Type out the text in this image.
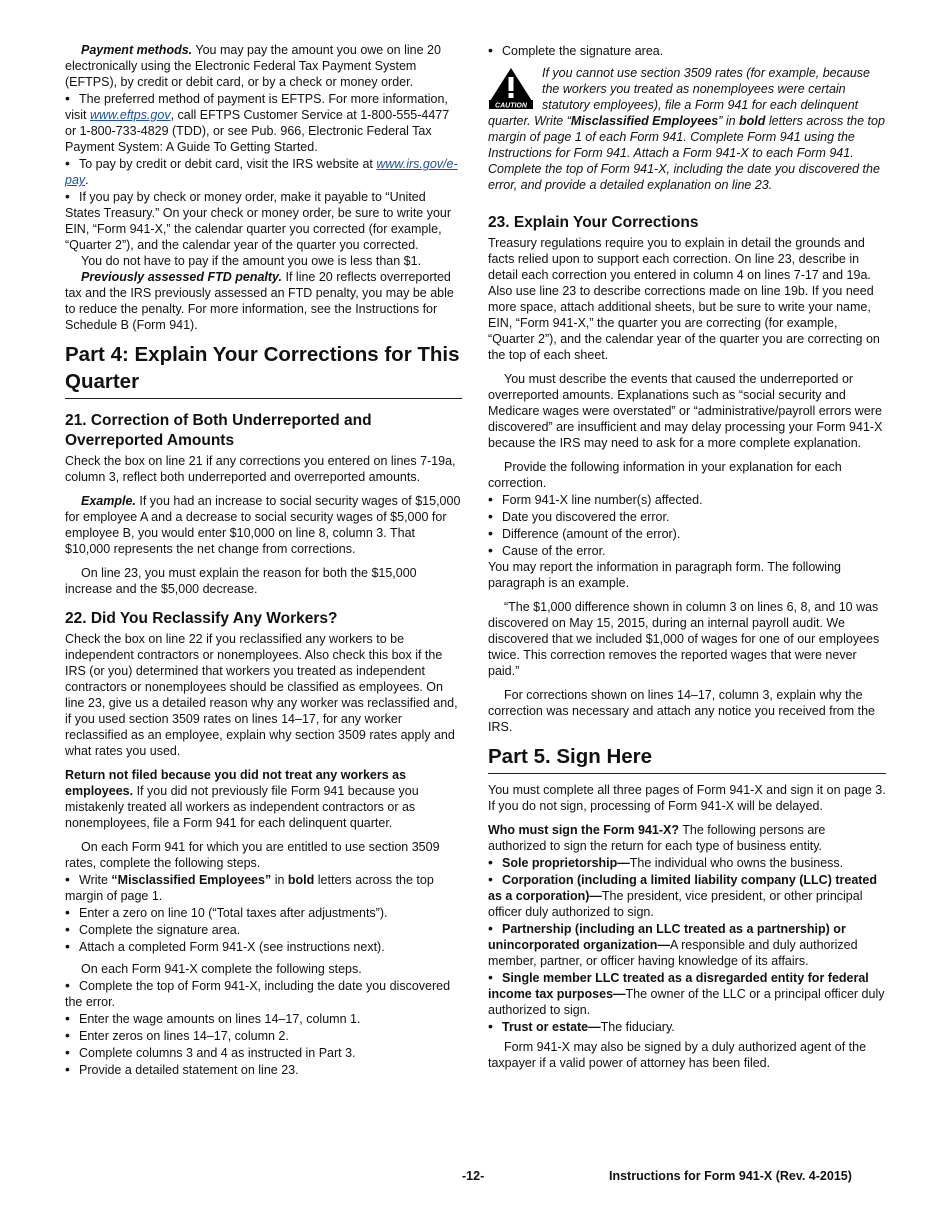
Payment methods. You may pay the amount you owe on line 20 electronically using the Electronic Federal Tax Payment System (EFTPS), by credit or debit card, or by a check or money order.

• The preferred method of payment is EFTPS. For more information, visit www.eftps.gov, call EFTPS Customer Service at 1-800-555-4477 or 1-800-733-4829 (TDD), or see Pub. 966, Electronic Federal Tax Payment System: A Guide To Getting Started.

• To pay by credit or debit card, visit the IRS website at www.irs.gov/e-pay.

• If you pay by check or money order, make it payable to “United States Treasury.” On your check or money order, be sure to write your EIN, “Form 941-X,” the calendar quarter you corrected (for example, “Quarter 2”), and the calendar year of the quarter you corrected.

You do not have to pay if the amount you owe is less than $1.

Previously assessed FTD penalty. If line 20 reflects overreported tax and the IRS previously assessed an FTD penalty, you may be able to reduce the penalty. For more information, see the Instructions for Schedule B (Form 941).

Part 4: Explain Your Corrections for This Quarter
21. Correction of Both Underreported and Overreported Amounts

Check the box on line 21 if any corrections you entered on lines 7-19a, column 3, reflect both underreported and overreported amounts.

Example. If you had an increase to social security wages of $15,000 for employee A and a decrease to social security wages of $5,000 for employee B, you would enter $10,000 on line 8, column 3. That $10,000 represents the net change from corrections.

On line 23, you must explain the reason for both the $15,000 increase and the $5,000 decrease.

22. Did You Reclassify Any Workers?

Check the box on line 22 if you reclassified any workers to be independent contractors or nonemployees. Also check this box if the IRS (or you) determined that workers you treated as independent contractors or nonemployees should be classified as employees. On line 23, give us a detailed reason why any worker was reclassified and, if you used section 3509 rates on lines 14–17, for any worker reclassified as an employee, explain why section 3509 rates apply and what rates you used.

Return not filed because you did not treat any workers as employees. If you did not previously file Form 941 because you mistakenly treated all workers as independent contractors or as nonemployees, file a Form 941 for each delinquent quarter.

On each Form 941 for which you are entitled to use section 3509 rates, complete the following steps.

• Write “Misclassified Employees” in bold letters across the top margin of page 1.

• Enter a zero on line 10 (“Total taxes after adjustments”).

• Complete the signature area.

• Attach a completed Form 941-X (see instructions next).

On each Form 941-X complete the following steps.

• Complete the top of Form 941-X, including the date you discovered the error.

• Enter the wage amounts on lines 14–17, column 1.

• Enter zeros on lines 14–17, column 2.

• Complete columns 3 and 4 as instructed in Part 3.

• Provide a detailed statement on line 23.

• Complete the signature area.

CAUTION
If you cannot use section 3509 rates (for example, because the workers you treated as nonemployees were certain statutory employees), file a Form 941 for each delinquent quarter. Write “Misclassified Employees” in bold letters across the top margin of page 1 of each Form 941. Complete Form 941 using the Instructions for Form 941. Attach a Form 941-X to each Form 941. Complete the top of Form 941-X, including the date you discovered the error, and provide a detailed explanation on line 23.
23. Explain Your Corrections

Treasury regulations require you to explain in detail the grounds and facts relied upon to support each correction. On line 23, describe in detail each correction you entered in column 4 on lines 7-17 and 19a. Also use line 23 to describe corrections made on line 19b. If you need more space, attach additional sheets, but be sure to write your name, EIN, “Form 941-X,” the quarter you are correcting (for example, “Quarter 2”), and the calendar year of the quarter you are correcting on the top of each sheet.

You must describe the events that caused the underreported or overreported amounts. Explanations such as “social security and Medicare wages were overstated” or “administrative/payroll errors were discovered” are insufficient and may delay processing your Form 941-X because the IRS may need to ask for a more complete explanation.

Provide the following information in your explanation for each correction.

• Form 941-X line number(s) affected.

• Date you discovered the error.

• Difference (amount of the error).

• Cause of the error.

You may report the information in paragraph form. The following paragraph is an example.

“The $1,000 difference shown in column 3 on lines 6, 8, and 10 was discovered on May 15, 2015, during an internal payroll audit. We discovered that we included $1,000 of wages for one of our employees twice. This correction removes the reported wages that were never paid.”

For corrections shown on lines 14–17, column 3, explain why the correction was necessary and attach any notice you received from the IRS.

Part 5. Sign Here

You must complete all three pages of Form 941-X and sign it on page 3. If you do not sign, processing of Form 941-X will be delayed.

Who must sign the Form 941-X? The following persons are authorized to sign the return for each type of business entity.

• Sole proprietorship—The individual who owns the business.

• Corporation (including a limited liability company (LLC) treated as a corporation)—The president, vice president, or other principal officer duly authorized to sign.

• Partnership (including an LLC treated as a partnership) or unincorporated organization—A responsible and duly authorized member, partner, or officer having knowledge of its affairs.

• Single member LLC treated as a disregarded entity for federal income tax purposes—The owner of the LLC or a principal officer duly authorized to sign.

• Trust or estate—The fiduciary.

Form 941-X may also be signed by a duly authorized agent of the taxpayer if a valid power of attorney has been filed.

-12-	Instructions for Form 941-X (Rev. 4-2015)
